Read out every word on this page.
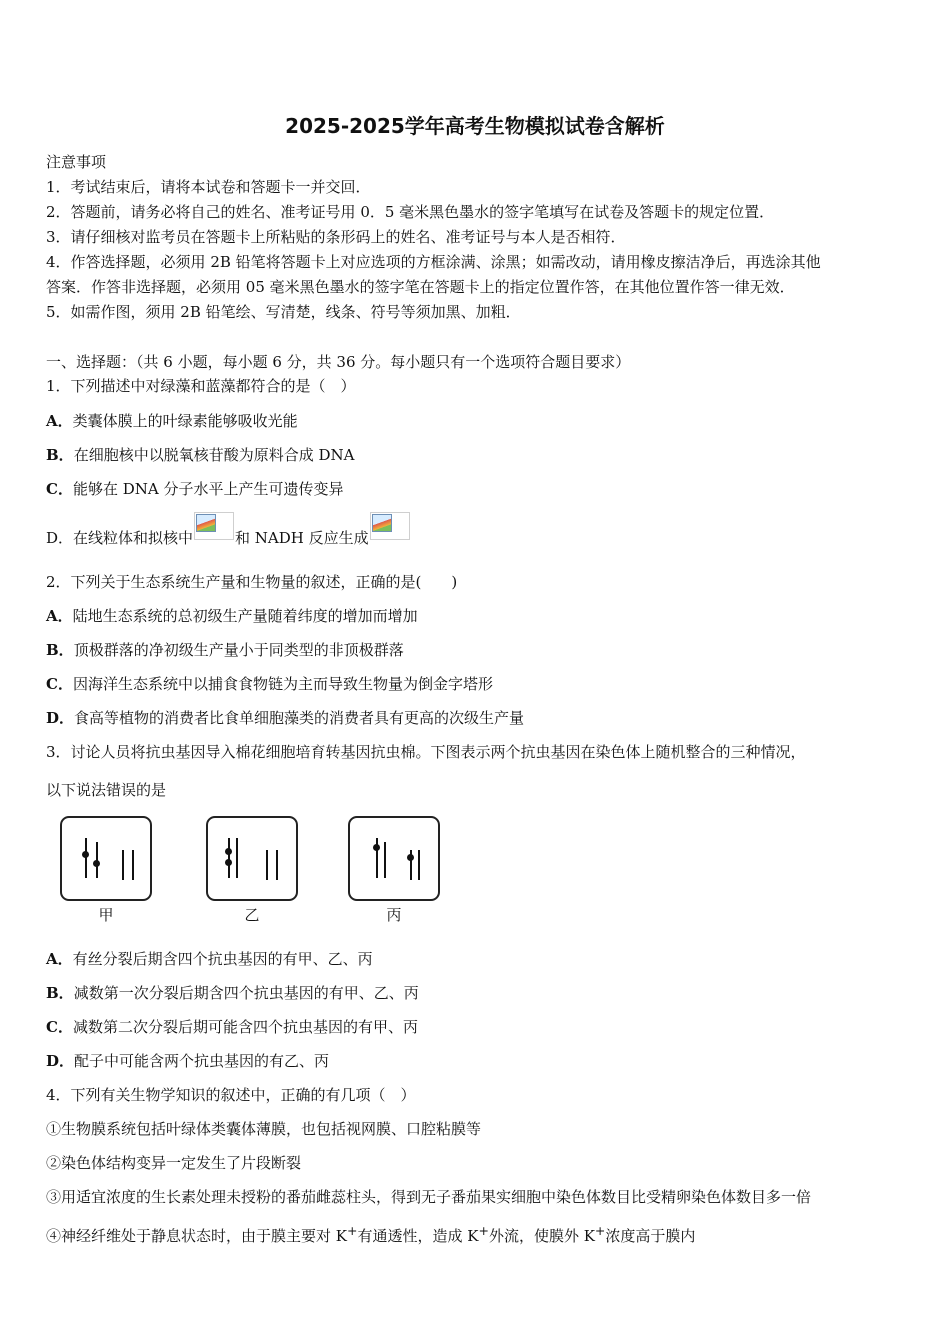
2025-2025学年高考生物模拟试卷含解析
注意事项
1．考试结束后，请将本试卷和答题卡一并交回．
2．答题前，请务必将自己的姓名、准考证号用 0．5 毫米黑色墨水的签字笔填写在试卷及答题卡的规定位置．
3．请仔细核对监考员在答题卡上所粘贴的条形码上的姓名、准考证号与本人是否相符．
4．作答选择题，必须用 2B 铅笔将答题卡上对应选项的方框涂满、涂黑；如需改动，请用橡皮擦洁净后，再选涂其他
答案．作答非选择题，必须用 05 毫米黑色墨水的签字笔在答题卡上的指定位置作答，在其他位置作答一律无效．
5．如需作图，须用 2B 铅笔绘、写清楚，线条、符号等须加黑、加粗．
一、选择题：（共 6 小题，每小题 6 分，共 36 分。每小题只有一个选项符合题目要求）
1．下列描述中对绿藻和蓝藻都符合的是（　）
A．类囊体膜上的叶绿素能够吸收光能
B．在细胞核中以脱氧核苷酸为原料合成 DNA
C．能够在 DNA 分子水平上产生可遗传变异
D．在线粒体和拟核中	和 NADH 反应生成
2．下列关于生态系统生产量和生物量的叙述，正确的是(　　)
A．陆地生态系统的总初级生产量随着纬度的增加而增加
B．顶极群落的净初级生产量小于同类型的非顶极群落
C．因海洋生态系统中以捕食食物链为主而导致生物量为倒金字塔形
D．食高等植物的消费者比食单细胞藻类的消费者具有更高的次级生产量
3．讨论人员将抗虫基因导入棉花细胞培育转基因抗虫棉。下图表示两个抗虫基因在染色体上随机整合的三种情况，
以下说法错误的是
甲	乙	丙
A．有丝分裂后期含四个抗虫基因的有甲、乙、丙
B．减数第一次分裂后期含四个抗虫基因的有甲、乙、丙
C．减数第二次分裂后期可能含四个抗虫基因的有甲、丙
D．配子中可能含两个抗虫基因的有乙、丙
4．下列有关生物学知识的叙述中，正确的有几项（　）
①生物膜系统包括叶绿体类囊体薄膜，也包括视网膜、口腔粘膜等
②染色体结构变异一定发生了片段断裂
③用适宜浓度的生长素处理未授粉的番茄雌蕊柱头，得到无子番茄果实细胞中染色体数目比受精卵染色体数目多一倍
④神经纤维处于静息状态时，由于膜主要对 K+有通透性，造成 K+外流，使膜外 K+浓度高于膜内
